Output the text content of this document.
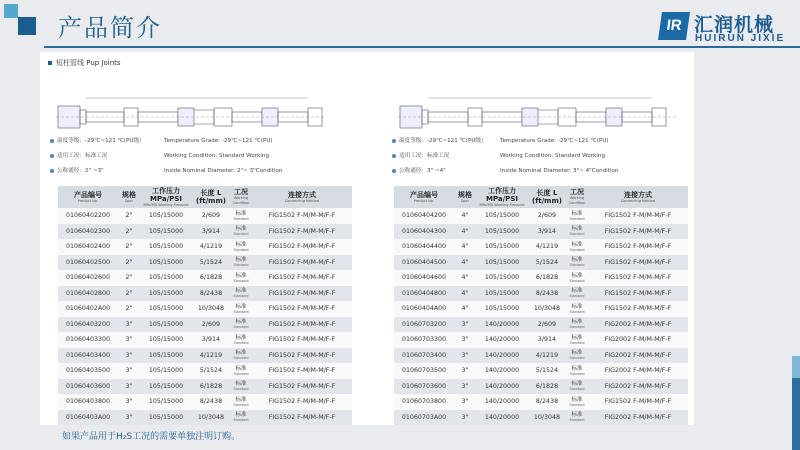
产品简介	IR 汇润机械
HUIRUN JIXIE
短柱管线 Pup Joints
温度等级：-29℃~121 ℃(PU级）	Temperature Grade: -29℃~121 ℃(PU)
适用工况：标准工况	Working Condition: Standard Working
公称通径：2" ~3"	Inside Nominal Diameter: 2"~ 3"Condition
温度等级：-29℃~121 ℃(PU级） Temperature Grade: -29℃~121 ℃(PU)
适用工况：标准工况	Working Condition: Standard Working
公称通径：3" ~4"	Inside Nominal Diameter: 3"~ 4"Condition
产品编号
Product No.	规格
Spec	工作压力MPa/PSI
MPa/PSI Working Pressure	长度 L (ft/mm)	工况
Working Condition	连接方式
Connecting Method

01060402200	2"	105/15000	2/609	标准
Standard	FIG1502 F-M/M-M/F-F
01060402300	2"	105/15000	3/914	标准
Standard	FIG1502 F-M/M-M/F-F
01060402400	2"	105/15000	4/1219	标准
Standard	FIG1502 F-M/M-M/F-F
01060402500	2"	105/15000	5/1524	标准
Standard	FIG1502 F-M/M-M/F-F
01060402600	2"	105/15000	6/1828	标准
Standard	FIG1502 F-M/M-M/F-F
01060402800	2"	105/15000	8/2438	标准
Standard	FIG1502 F-M/M-M/F-F
01060402A00	2"	105/15000	10/3048	标准
Standard	FIG1502 F-M/M-M/F-F
01060403200	3"	105/15000	2/609	标准
Standard	FIG1502 F-M/M-M/F-F
01060403300	3"	105/15000	3/914	标准
Standard	FIG1502 F-M/M-M/F-F
01060403400	3"	105/15000	4/1219	标准
Standard	FIG1502 F-M/M-M/F-F
01060403500	3"	105/15000	5/1524	标准
Standard	FIG1502 F-M/M-M/F-F
01060403600	3"	105/15000	6/1828	标准
Standard	FIG1502 F-M/M-M/F-F
01060403800	3"	105/15000	8/2438	标准
Standard	FIG1502 F-M/M-M/F-F
01060403A00	3"	105/15000	10/3048	标准
Standard	FIG1502 F-M/M-M/F-F
产品编号
Product No.	规格
Spec	工作压力MPa/PSI
MPa/PSI Working Pressure	长度 L (ft/mm)	工况
Working Condition	连接方式
Connecting Method

01060404200	4"	105/15000	2/609	标准
Standard	FIG1502 F-M/M-M/F-F
01060404300	4"	105/15000	3/914	标准
Standard	FIG1502 F-M/M-M/F-F
01060404400	4"	105/15000	4/1219	标准
Standard	FIG1502 F-M/M-M/F-F
01060404500	4"	105/15000	5/1524	标准
Standard	FIG1502 F-M/M-M/F-F
01060404600	4"	105/15000	6/1828	标准
Standard	FIG1502 F-M/M-M/F-F
01060404800	4"	105/15000	8/2438	标准
Standard	FIG1502 F-M/M-M/F-F
01060404A00	4"	105/15000	10/3048	标准
Standard	FIG1502 F-M/M-M/F-F
01060703200	3"	140/20000	2/609	标准
Standard	FIG2002 F-M/M-M/F-F
01060703300	3"	140/20000	3/914	标准
Standard	FIG2002 F-M/M-M/F-F
01060703400	3"	140/20000	4/1219	标准
Standard	FIG2002 F-M/M-M/F-F
01060703500	3"	140/20000	5/1524	标准
Standard	FIG2002 F-M/M-M/F-F
01060703600	3"	140/20000	6/1828	标准
Standard	FIG2002 F-M/M-M/F-F
01060703800	3"	140/20000	8/2438	标准
Standard	FIG1502 F-M/M-M/F-F
01060703A00	3"	140/20000	10/3048	标准
Standard	FIG2002 F-M/M-M/F-F
如果产品用于H₂S工况的需要单独注明订购。
